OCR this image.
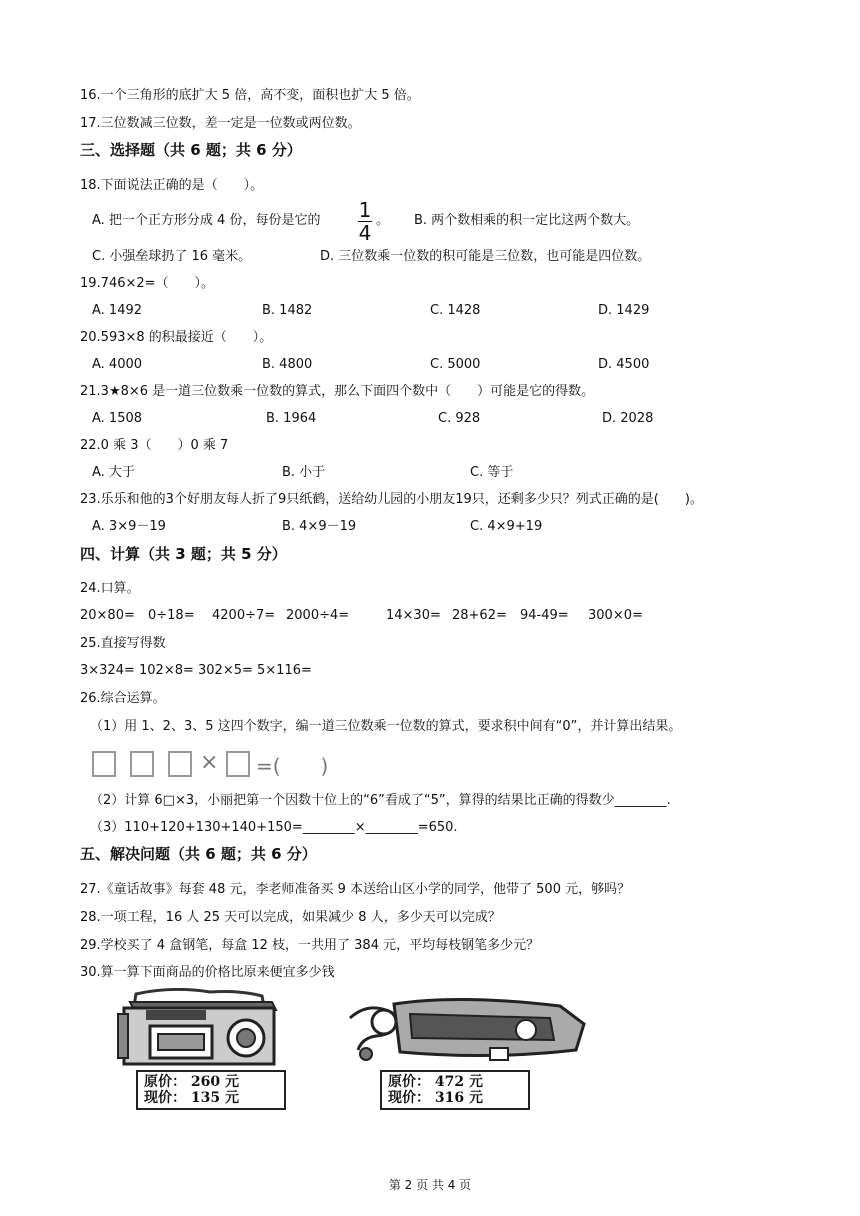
16.一个三角形的底扩大 5 倍，高不变，面积也扩大 5 倍。
17.三位数减三位数，差一定是一位数或两位数。
三、选择题（共 6 题；共 6 分）
18.下面说法正确的是（　　）。
A. 把一个正方形分成 4 份，每份是它的 1
4
。 B. 两个数相乘的积一定比这两个数大。
C. 小强垒球扔了 16 毫米。	D. 三位数乘一位数的积可能是三位数，也可能是四位数。
19.746×2=（　　）。
A. 1492	B. 1482	C. 1428	D. 1429
20.593×8 的积最接近（　　）。
A. 4000	B. 4800	C. 5000	D. 4500
21.3★8×6 是一道三位数乘一位数的算式，那么下面四个数中（　　）可能是它的得数。
A. 1508	B. 1964	C. 928	D. 2028
22.0 乘 3（　　）0 乘 7
A. 大于	B. 小于	C. 等于
23.乐乐和他的3个好朋友每人折了9只纸鹤，送给幼儿园的小朋友19只，还剩多少只？列式正确的是(　　)。
A. 3×9－19	B. 4×9－19	C. 4×9+19
四、计算（共 3 题；共 5 分）
24.口算。
20×80= 0÷18= 4200÷7= 2000÷4=	14×30= 28+62= 94-49= 300×0=
25.直接写得数
3×324= 102×8= 302×5= 5×116=
26.综合运算。
（1）用 1、2、3、5 这四个数字，编一道三位数乘一位数的算式，要求积中间有“0”，并计算出结果。
× =(　　)
（2）计算 6□×3，小丽把第一个因数十位上的“6”看成了“5”，算得的结果比正确的得数少________.
（3）110+120+130+140+150=________×________=650.
五、解决问题（共 6 题；共 6 分）
27.《童话故事》每套 48 元，李老师准备买 9 本送给山区小学的同学，他带了 500 元，够吗？
28.一项工程，16 人 25 天可以完成，如果减少 8 人，多少天可以完成？
29.学校买了 4 盒钢笔，每盒 12 枝，一共用了 384 元，平均每枝钢笔多少元？
30.算一算下面商品的价格比原来便宜多少钱
原价： 260 元
现价： 135 元
原价： 472 元
现价： 316 元
第 2 页 共 4 页
